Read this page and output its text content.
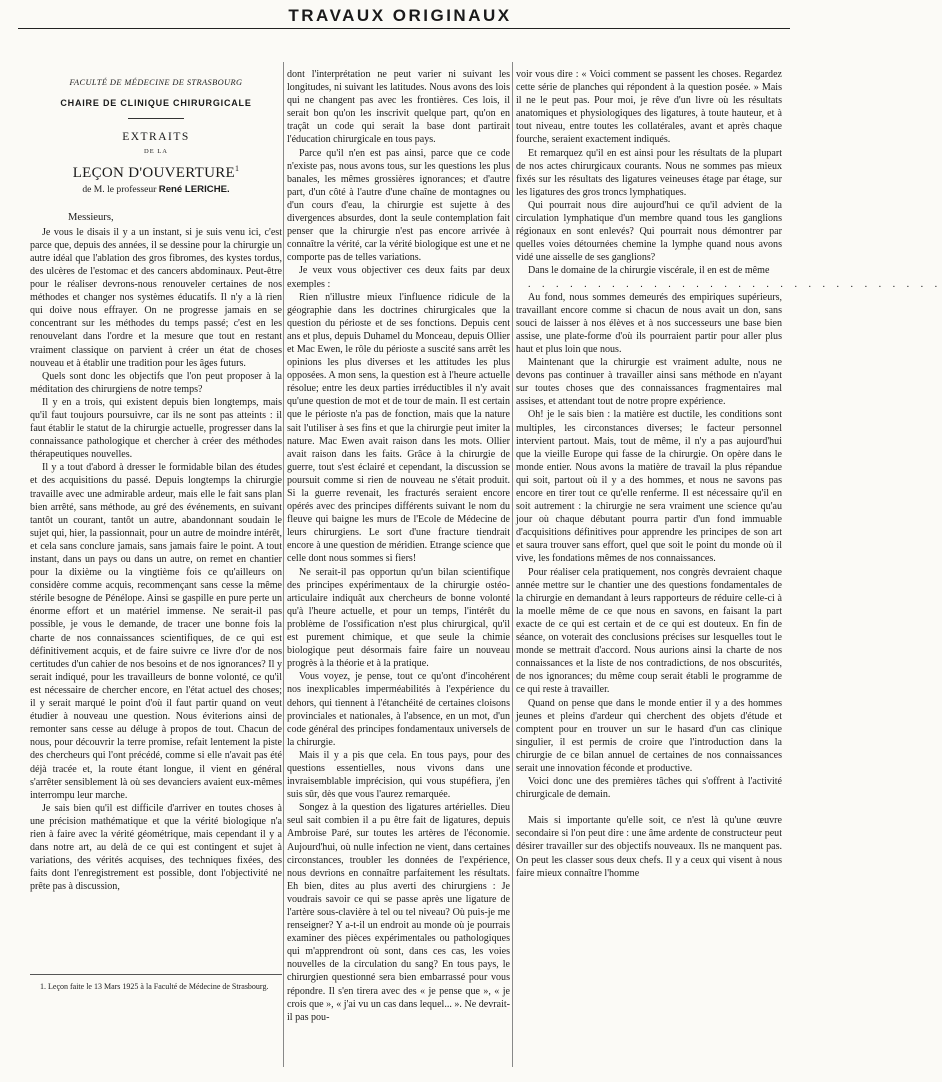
TRAVAUX ORIGINAUX
FACULTÉ DE MÉDECINE DE STRASBOURG
CHAIRE DE CLINIQUE CHIRURGICALE
EXTRAITS
DE LA
LEÇON D'OUVERTURE$^1$
de M. le professeur René LERICHE.

Messieurs,

Je vous le disais il y a un instant, si je suis venu ici, c'est parce que, depuis des années, il se dessine pour la chirurgie un autre idéal que l'ablation des gros fibromes, des kystes tordus, des ulcères de l'estomac et des cancers abdominaux. Peut-être pour le réaliser devrons-nous renouveler certaines de nos méthodes et changer nos systèmes éducatifs. Il n'y a là rien qui doive nous effrayer. On ne progresse jamais en se concentrant sur les méthodes du temps passé; c'est en les renouvelant dans l'ordre et la mesure que tout en restant vraiment classique on parvient à créer un état de choses nouveau et à établir une tradition pour les âges futurs.

Quels sont donc les objectifs que l'on peut proposer à la méditation des chirurgiens de notre temps?

Il y en a trois, qui existent depuis bien longtemps, mais qu'il faut toujours poursuivre, car ils ne sont pas atteints : il faut établir le statut de la chirurgie actuelle, progresser dans la connaissance pathologique et chercher à créer des méthodes thérapeutiques nouvelles.

Il y a tout d'abord à dresser le formidable bilan des études et des acquisitions du passé. Depuis longtemps la chirurgie travaille avec une admirable ardeur, mais elle le fait sans plan bien arrêté, sans méthode, au gré des événements, en suivant tantôt un courant, tantôt un autre, abandonnant soudain le sujet qui, hier, la passionnait, pour un autre de moindre intérêt, et cela sans conclure jamais, sans jamais faire le point. A tout instant, dans un pays ou dans un autre, on remet en chantier pour la dixième ou la vingtième fois ce qu'ailleurs on considère comme acquis, recommençant sans cesse la même stérile besogne de Pénélope. Ainsi se gaspille en pure perte un énorme effort et un matériel immense. Ne serait-il pas possible, je vous le demande, de tracer une bonne fois la charte de nos connaissances scientifiques, de ce qui est définitivement acquis, et de faire suivre ce livre d'or de nos certitudes d'un cahier de nos besoins et de nos ignorances? Il y serait indiqué, pour les travailleurs de bonne volonté, ce qu'il est nécessaire de chercher encore, en l'état actuel des choses; il y serait marqué le point d'où il faut partir quand on veut étudier à nouveau une question. Nous éviterions ainsi de remonter sans cesse au déluge à propos de tout. Chacun de nous, pour découvrir la terre promise, refait lentement la piste des chercheurs qui l'ont précédé, comme si elle n'avait pas été déjà tracée et, la route étant longue, il vient en général s'arrêter sensiblement là où ses devanciers avaient eux-mêmes interrompu leur marche.

Je sais bien qu'il est difficile d'arriver en toutes choses à une précision mathématique et que la vérité biologique n'a rien à faire avec la vérité géométrique, mais cependant il y a dans notre art, au delà de ce qui est contingent et sujet à variations, des vérités acquises, des techniques fixées, des faits dont l'enregistrement est possible, dont l'objectivité ne prête pas à discussion,

1. Leçon faite le 13 Mars 1925 à la Faculté de Médecine de Strasbourg.

dont l'interprétation ne peut varier ni suivant les longitudes, ni suivant les latitudes. Nous avons des lois qui ne changent pas avec les frontières. Ces lois, il serait bon qu'on les inscrivit quelque part, qu'on en traçât un code qui serait la base dont partirait l'éducation chirurgicale en tous pays.

Parce qu'il n'en est pas ainsi, parce que ce code n'existe pas, nous avons tous, sur les questions les plus banales, les mêmes grossières ignorances; et d'autre part, d'un côté à l'autre d'une chaîne de montagnes ou d'un cours d'eau, la chirurgie est sujette à des divergences absurdes, dont la seule contemplation fait penser que la chirurgie n'est pas encore arrivée à connaître la vérité, car la vérité biologique est une et ne comporte pas de telles variations.

Je veux vous objectiver ces deux faits par deux exemples :

Rien n'illustre mieux l'influence ridicule de la géographie dans les doctrines chirurgicales que la question du périoste et de ses fonctions. Depuis cent ans et plus, depuis Duhamel du Monceau, depuis Ollier et Mac Ewen, le rôle du périoste a suscité sans arrêt les opinions les plus diverses et les attitudes les plus opposées. A mon sens, la question est à l'heure actuelle résolue; entre les deux parties irréductibles il n'y avait qu'une question de mot et de tour de main. Il est certain que le périoste n'a pas de fonction, mais que la nature sait l'utiliser à ses fins et que la chirurgie peut imiter la nature. Mac Ewen avait raison dans les mots. Ollier avait raison dans les faits. Grâce à la chirurgie de guerre, tout s'est éclairé et cependant, la discussion se poursuit comme si rien de nouveau ne s'était produit. Si la guerre revenait, les fracturés seraient encore opérés avec des principes différents suivant le nom du fleuve qui baigne les murs de l'Ecole de Médecine de leurs chirurgiens. Le sort d'une fracture tiendrait encore à une question de méridien. Etrange science que celle dont nous sommes si fiers!

Ne serait-il pas opportun qu'un bilan scientifique des principes expérimentaux de la chirurgie ostéo-articulaire indiquât aux chercheurs de bonne volonté qu'à l'heure actuelle, et pour un temps, l'intérêt du problème de l'ossification n'est plus chirurgical, qu'il est purement chimique, et que seule la chimie biologique peut désormais faire faire un nouveau progrès à la théorie et à la pratique.

Vous voyez, je pense, tout ce qu'ont d'incohérent nos inexplicables imperméabilités à l'expérience du dehors, qui tiennent à l'étanchéité de certaines cloisons provinciales et nationales, à l'absence, en un mot, d'un code général des principes fondamentaux universels de la chirurgie.

Mais il y a pis que cela. En tous pays, pour des questions essentielles, nous vivons dans une invraisemblable imprécision, qui vous stupéfiera, j'en suis sûr, dès que vous l'aurez remarquée.

Songez à la question des ligatures artérielles. Dieu seul sait combien il a pu être fait de ligatures, depuis Ambroise Paré, sur toutes les artères de l'économie. Aujourd'hui, où nulle infection ne vient, dans certaines circonstances, troubler les données de l'expérience, nous devrions en connaître parfaitement les résultats. Eh bien, dites au plus averti des chirurgiens : Je voudrais savoir ce qui se passe après une ligature de l'artère sous-clavière à tel ou tel niveau? Où puis-je me renseigner? Y a-t-il un endroit au monde où je pourrais examiner des pièces expérimentales ou pathologiques qui m'apprendront où sont, dans ces cas, les voies nouvelles de la circulation du sang? En tous pays, le chirurgien questionné sera bien embarrassé pour vous répondre. Il s'en tirera avec des « je pense que », « je crois que », « j'ai vu un cas dans lequel... ». Ne devrait-il pas pou-

voir vous dire : « Voici comment se passent les choses. Regardez cette série de planches qui répondent à la question posée. » Mais il ne le peut pas. Pour moi, je rêve d'un livre où les résultats anatomiques et physiologiques des ligatures, à toute hauteur, et à tout niveau, entre toutes les collatérales, avant et après chaque fourche, seraient exactement indiqués.

Et remarquez qu'il en est ainsi pour les résultats de la plupart de nos actes chirurgicaux courants. Nous ne sommes pas mieux fixés sur les résultats des ligatures veineuses étage par étage, sur les ligatures des gros troncs lymphatiques.

Qui pourrait nous dire aujourd'hui ce qu'il advient de la circulation lymphatique d'un membre quand tous les ganglions régionaux en sont enlevés? Qui pourrait nous démontrer par quelles voies détournées chemine la lymphe quand nous avons vidé une aisselle de ses ganglions?

Dans le domaine de la chirurgie viscérale, il en est de même

. . . . . . . . . . . . . . . . . . . . . . . . . . . . . .

Au fond, nous sommes demeurés des empiriques supérieurs, travaillant encore comme si chacun de nous avait un don, sans souci de laisser à nos élèves et à nos successeurs une base bien assise, une plate-forme d'où ils pourraient partir pour aller plus haut et plus loin que nous.

Maintenant que la chirurgie est vraiment adulte, nous ne devons pas continuer à travailler ainsi sans méthode en n'ayant sur toutes choses que des connaissances fragmentaires mal assises, et attendant tout de notre propre expérience.

Oh! je le sais bien : la matière est ductile, les conditions sont multiples, les circonstances diverses; le facteur personnel intervient partout. Mais, tout de même, il n'y a pas aujourd'hui que la vieille Europe qui fasse de la chirurgie. On opère dans le monde entier. Nous avons la matière de travail la plus répandue qui soit, partout où il y a des hommes, et nous ne savons pas encore en tirer tout ce qu'elle renferme. Il est nécessaire qu'il en soit autrement : la chirurgie ne sera vraiment une science qu'au jour où chaque débutant pourra partir d'un fond immuable d'acquisitions définitives pour apprendre les principes de son art et saura trouver sans effort, quel que soit le point du monde où il vive, les fondations mêmes de nos connaissances.

Pour réaliser cela pratiquement, nos congrès devraient chaque année mettre sur le chantier une des questions fondamentales de la chirurgie en demandant à leurs rapporteurs de réduire celle-ci à la moelle même de ce que nous en savons, en faisant la part exacte de ce qui est certain et de ce qui est douteux. En fin de séance, on voterait des conclusions précises sur lesquelles tout le monde se mettrait d'accord. Nous aurions ainsi la charte de nos connaissances et la liste de nos contradictions, de nos obscurités, de nos ignorances; du même coup serait établi le programme de ce qui reste à travailler.

Quand on pense que dans le monde entier il y a des hommes jeunes et pleins d'ardeur qui cherchent des objets d'étude et comptent pour en trouver un sur le hasard d'un cas clinique singulier, il est permis de croire que l'introduction dans la chirurgie de ce bilan annuel de certaines de nos connaissances serait une innovation féconde et productive.

Voici donc une des premières tâches qui s'offrent à l'activité chirurgicale de demain.

Mais si importante qu'elle soit, ce n'est là qu'une œuvre secondaire si l'on peut dire : une âme ardente de constructeur peut désirer travailler sur des objectifs nouveaux. Ils ne manquent pas. On peut les classer sous deux chefs. Il y a ceux qui visent à nous faire mieux connaître l'homme
